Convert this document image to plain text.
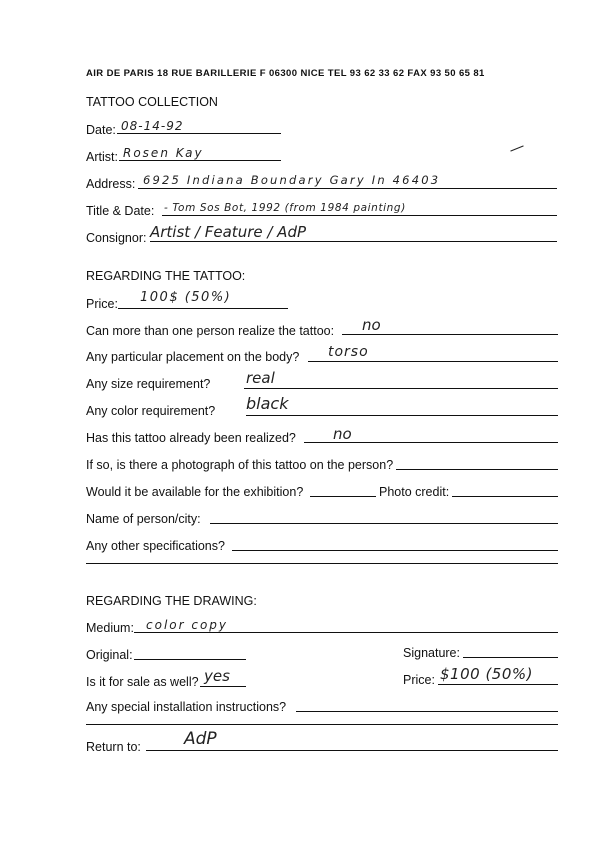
AIR DE PARIS 18 RUE BARILLERIE F 06300 NICE TEL 93 62 33 62 FAX 93 50 65 81
TATTOO COLLECTION
Date: 08-14-92
Artist: Rosen Kay
Address: 6925 Indiana Boundary Gary In 46403
Title & Date: - Tom Sos Bot, 1992 (from 1984 painting)
Consignor: Artist / Feature / AdP
REGARDING THE TATTOO:
Price: 100$ (50%)
Can more than one person realize the tattoo: no
Any particular placement on the body? torso
Any size requirement? real
Any color requirement? black
Has this tattoo already been realized? no
If so, is there a photograph of this tattoo on the person?
Would it be available for the exhibition?	Photo credit:
Name of person/city:
Any other specifications?
REGARDING THE DRAWING:
Medium: color copy
Original:	Signature:
Is it for sale as well? yes	Price: $100 (50%)
Any special installation instructions?
Return to:	AdP
